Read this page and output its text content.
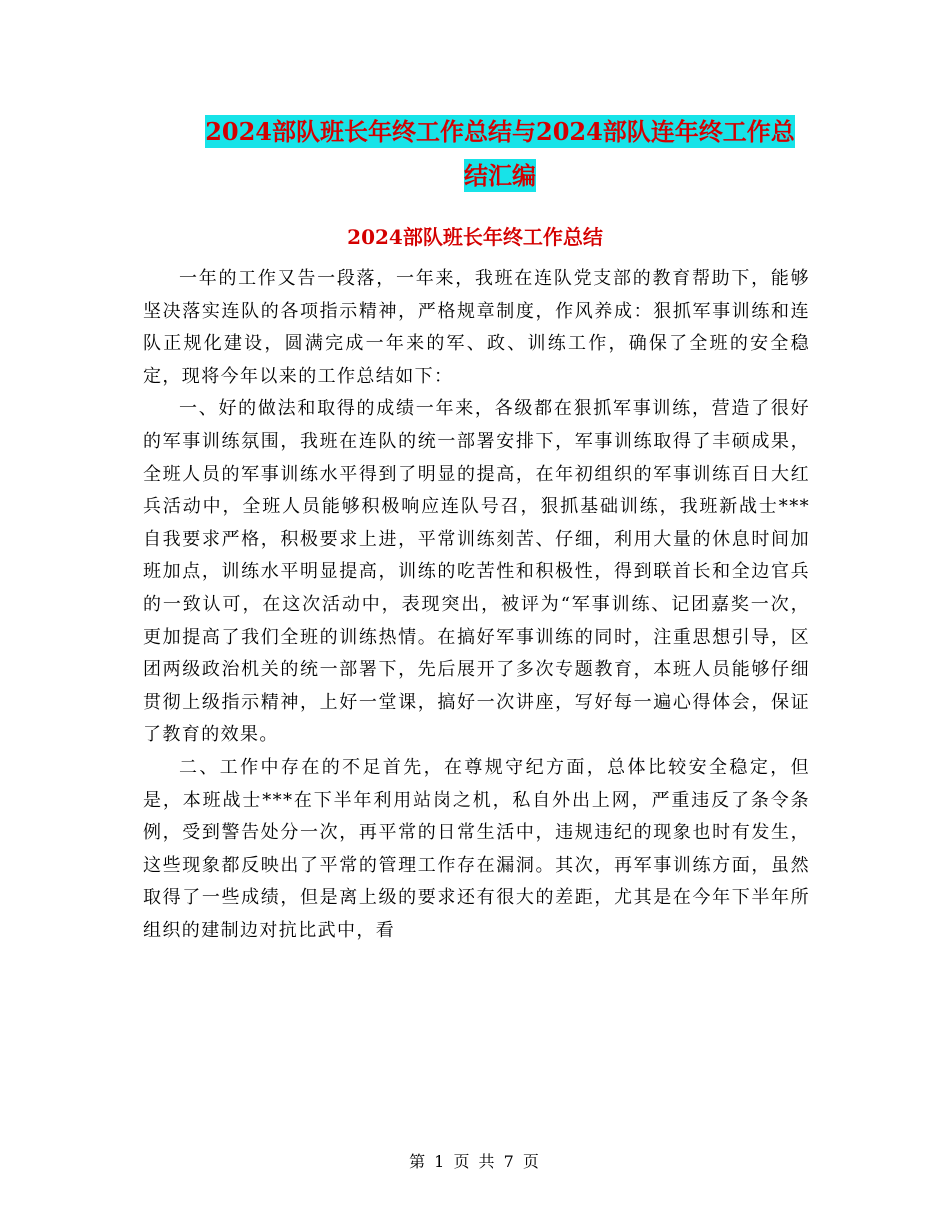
2024部队班长年终工作总结与2024部队连年终工作总
结汇编
2024部队班长年终工作总结

一年的工作又告一段落，一年来，我班在连队党支部的教育帮助下，能够坚决落实连队的各项指示精神，严格规章制度，作风养成：狠抓军事训练和连队正规化建设，圆满完成一年来的军、政、训练工作，确保了全班的安全稳定，现将今年以来的工作总结如下：

一、好的做法和取得的成绩一年来，各级都在狠抓军事训练，营造了很好的军事训练氛围，我班在连队的统一部署安排下，军事训练取得了丰硕成果，全班人员的军事训练水平得到了明显的提高，在年初组织的军事训练百日大红兵活动中，全班人员能够积极响应连队号召，狠抓基础训练，我班新战士***自我要求严格，积极要求上进，平常训练刻苦、仔细，利用大量的休息时间加班加点，训练水平明显提高，训练的吃苦性和积极性，得到联首长和全边官兵的一致认可，在这次活动中，表现突出，被评为“军事训练、记团嘉奖一次，更加提高了我们全班的训练热情。在搞好军事训练的同时，注重思想引导，区团两级政治机关的统一部署下，先后展开了多次专题教育，本班人员能够仔细贯彻上级指示精神，上好一堂课，搞好一次讲座，写好每一遍心得体会，保证了教育的效果。

二、工作中存在的不足首先，在尊规守纪方面，总体比较安全稳定，但是，本班战士***在下半年利用站岗之机，私自外出上网，严重违反了条令条例，受到警告处分一次，再平常的日常生活中，违规违纪的现象也时有发生，这些现象都反映出了平常的管理工作存在漏洞。其次，再军事训练方面，虽然取得了一些成绩，但是离上级的要求还有很大的差距，尤其是在今年下半年所组织的建制边对抗比武中，看

第 1 页 共 7 页
